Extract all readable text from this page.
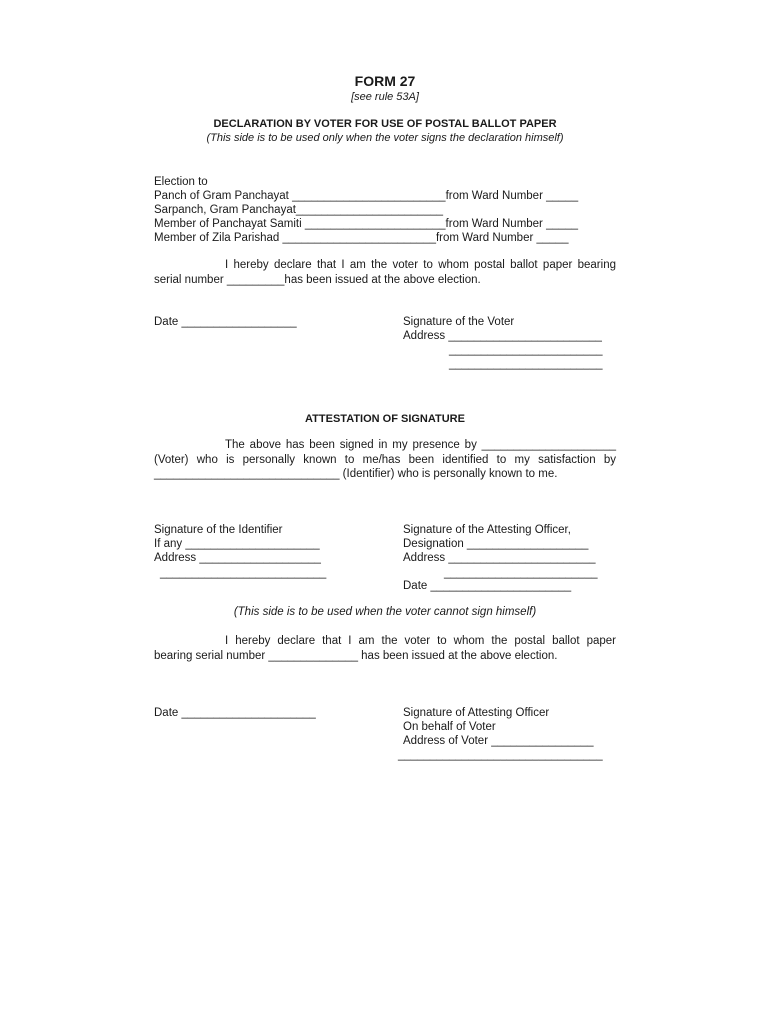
FORM 27
[see rule 53A]
DECLARATION BY VOTER FOR USE OF POSTAL BALLOT PAPER
(This side is to be used only when the voter signs the declaration himself)
Election to
Panch of Gram Panchayat ________________________from Ward Number _____
Sarpanch, Gram Panchayat_______________________
Member of Panchayat Samiti ______________________from Ward Number _____
Member of Zila Parishad ________________________from Ward Number _____
I hereby declare that I am the voter to whom postal ballot paper bearing
serial number _________has been issued at the above election.
Date __________________	Signature of the Voter
Address ________________________
________________________
________________________
ATTESTATION OF SIGNATURE
The above has been signed in my presence by _____________________
(Voter) who is personally known to me/has been identified to my satisfaction by
_____________________________ (Identifier) who is personally known to me.
Signature of the Identifier
If any _____________________
Address ___________________
__________________________
Signature of the Attesting Officer,
Designation ___________________
Address _______________________
________________________
Date ______________________
(This side is to be used when the voter cannot sign himself)
I hereby declare that I am the voter to whom the postal ballot paper
bearing serial number ______________ has been issued at the above election.
Date _____________________	Signature of Attesting Officer
On behalf of Voter
Address of Voter ________________
________________________________
